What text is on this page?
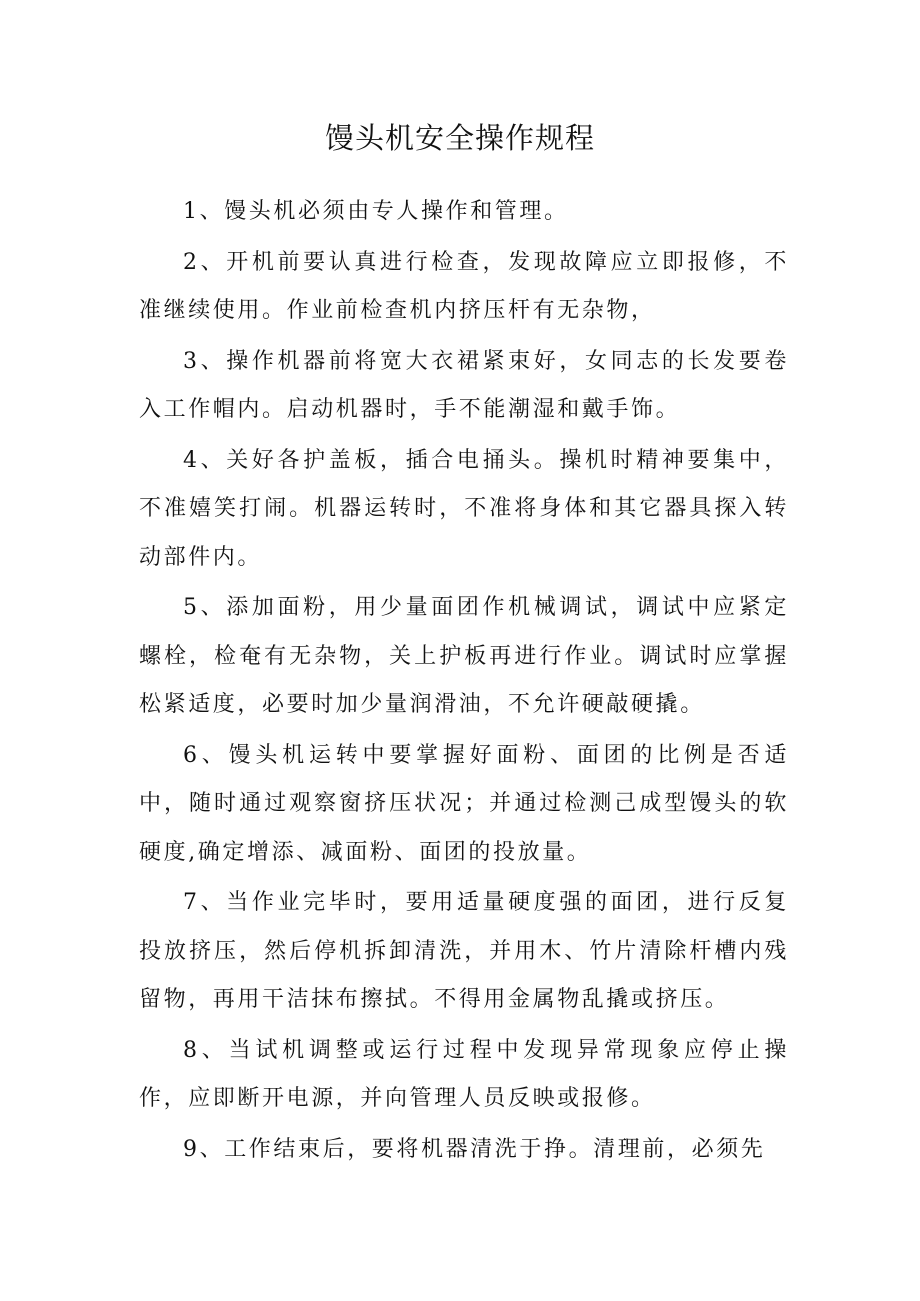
馒头机安全操作规程

1、馒头机必须由专人操作和管理。

2、开机前要认真进行检查，发现故障应立即报修，不准继续使用。作业前检查机内挤压杆有无杂物，

3、操作机器前将宽大衣裙紧束好，女同志的长发要卷入工作帽内。启动机器时，手不能潮湿和戴手饰。

4、关好各护盖板，插合电捅头。操机时精神要集中，不准嬉笑打闹。机器运转时，不准将身体和其它器具探入转动部件内。

5、添加面粉，用少量面团作机械调试，调试中应紧定螺栓，检奄有无杂物，关上护板再进行作业。调试时应掌握松紧适度，必要时加少量润滑油，不允许硬敲硬撬。

6、馒头机运转中要掌握好面粉、面团的比例是否适中，随时通过观察窗挤压状况；并通过检测己成型馒头的软硬度,确定增添、减面粉、面团的投放量。

7、当作业完毕时，要用适量硬度强的面团，进行反复投放挤压，然后停机拆卸清洗，并用木、竹片清除杆槽内残留物，再用干洁抹布擦拭。不得用金属物乱撬或挤压。

8、当试机调整或运行过程中发现异常现象应停止操作，应即断开电源，并向管理人员反映或报修。

9、工作结束后，要将机器清洗于挣。清理前，必须先
